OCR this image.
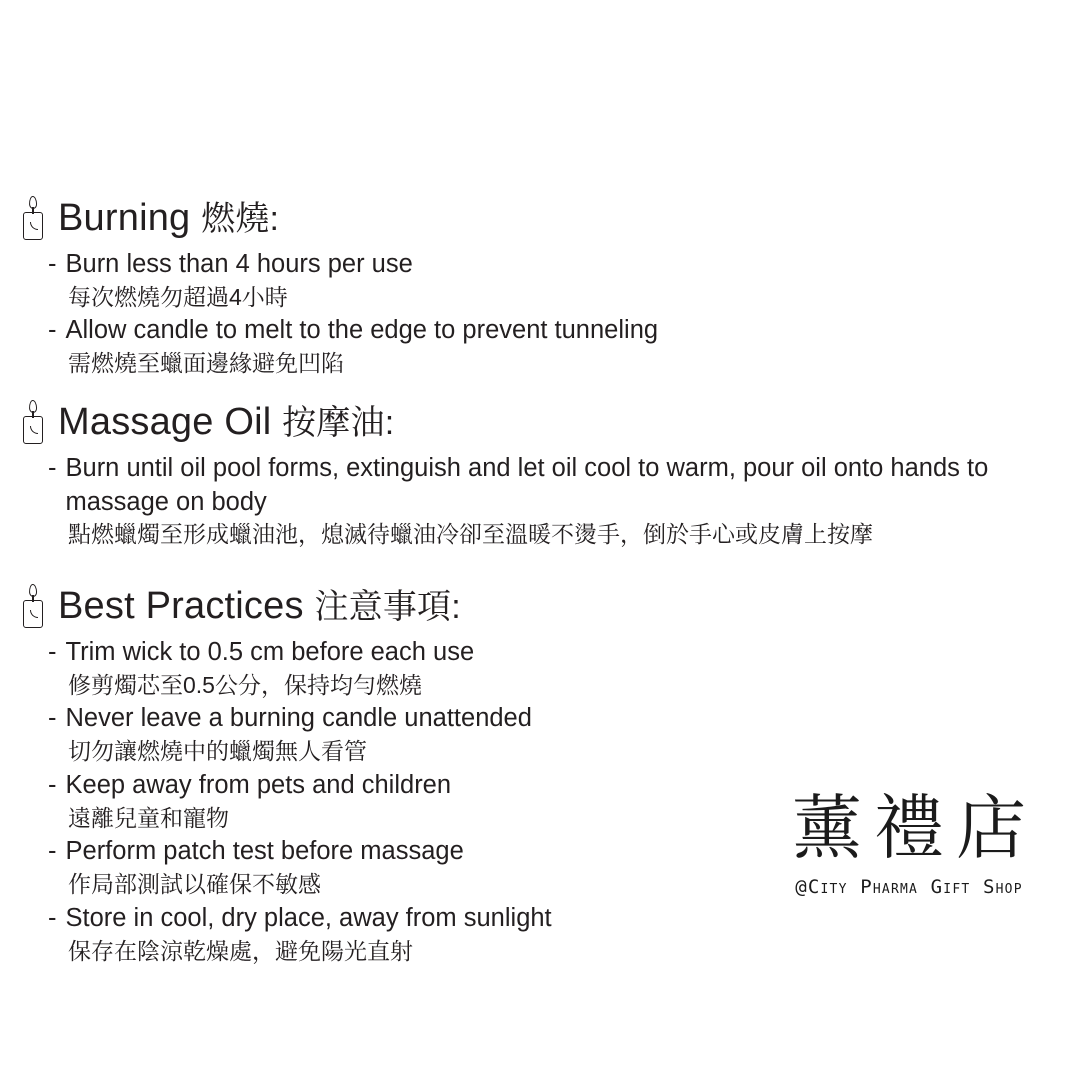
Burning 燃燒:
- Burn less than 4 hours per use
每次燃燒勿超過4小時
- Allow candle to melt to the edge to prevent tunneling
需燃燒至蠟面邊緣避免凹陷
Massage Oil 按摩油:
- Burn until oil pool forms, extinguish and let oil cool to warm, pour oil onto hands to massage on body
點燃蠟燭至形成蠟油池，熄滅待蠟油冷卻至溫暖不燙手，倒於手心或皮膚上按摩
Best Practices 注意事項:
- Trim wick to 0.5 cm before each use
修剪燭芯至0.5公分，保持均勻燃燒
- Never leave a burning candle unattended
切勿讓燃燒中的蠟燭無人看管
- Keep away from pets and children
遠離兒童和寵物
- Perform patch test before massage
作局部測試以確保不敏感
- Store in cool, dry place, away from sunlight
保存在陰涼乾燥處，避免陽光直射
薰禮店
@City Pharma Gift Shop
